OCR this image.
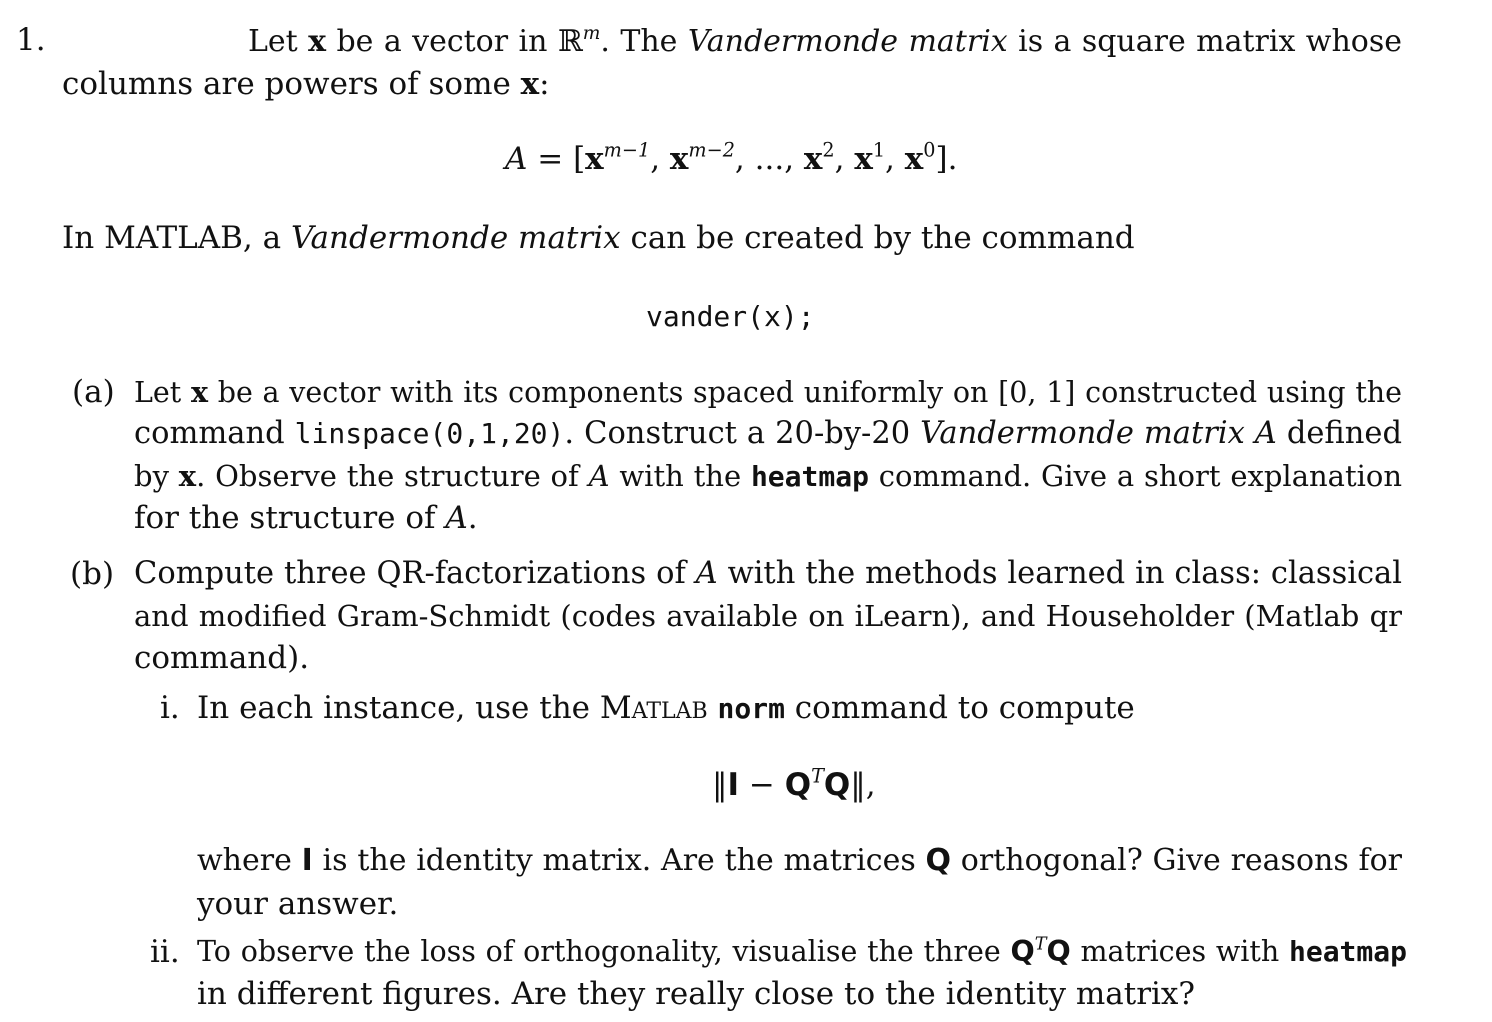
1.	Let x be a vector in ℝ$^m$. The Vandermonde matrix is a square matrix whose
columns are powers of some x:
$A = [x^{m-1}$, $x^{m-2}$, ..., $x^2$, $x^1$, $x^0$].
In MATLAB, a Vandermonde matrix can be created by the command
vander(x);
(a) Let x be a vector with its components spaced uniformly on [0, 1] constructed using the
command linspace(0,1,20). Construct a 20-by-20 Vandermonde matrix A defined
by x. Observe the structure of A with the heatmap command. Give a short explanation
for the structure of A.
(b) Compute three QR-factorizations of A with the methods learned in class: classical
and modified Gram-Schmidt (codes available on iLearn), and Householder (Matlab qr
command).
i. In each instance, use the Matlab norm command to compute
‖I − $Q^TQ‖$,
where I is the identity matrix. Are the matrices Q orthogonal? Give reasons for
your answer.
ii. To observe the loss of orthogonality, visualise the three $Q^TQ$ matrices with heatmap
in different figures. Are they really close to the identity matrix?
